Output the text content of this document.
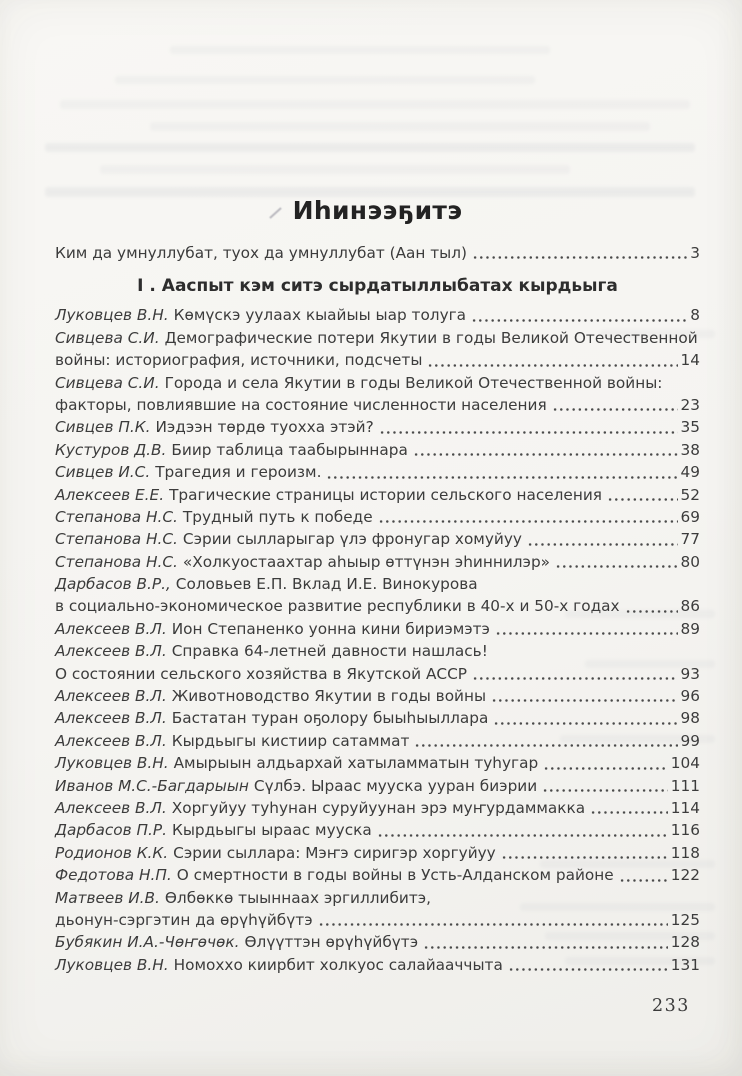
Иһинээҕитэ
Ким да умнуллубат, туох да умнуллубат (Аан тыл)	3
I . Ааспыт кэм ситэ сырдатыллыбатах кырдьыга
Луковцев В.Н. Көмүскэ уулаах кыайыы ыар толуга	8
Сивцева С.И. Демографические потери Якутии в годы Великой Отечественной
войны: историография, источники, подсчеты	14
Сивцева С.И. Города и села Якутии в годы Великой Отечественной войны:
факторы, повлиявшие на состояние численности населения	23
Сивцев П.К. Иэдээн төрдө туохха этэй?	35
Кустуров Д.В. Биир таблица таабырыннара	38
Сивцев И.С. Трагедия и героизм.	49
Алексеев Е.Е. Трагические страницы истории сельского населения	52
Степанова Н.С. Трудный путь к победе	69
Степанова Н.С. Сэрии сылларыгар үлэ фронугар хомуйуу	77
Степанова Н.С. «Холкуостаахтар аһыыр өттүнэн эһиннилэр»	80
Дарбасов В.Р., Соловьев Е.П. Вклад И.Е. Винокурова
в социально-экономическое развитие республики в 40-х и 50-х годах	86
Алексеев В.Л. Ион Степаненко уонна кини бириэмэтэ	89
Алексеев В.Л. Справка 64-летней давности нашлась!
О состоянии сельского хозяйства в Якутской АССР	93
Алексеев В.Л. Животноводство Якутии в годы войны	96
Алексеев В.Л. Бастатан туран оҕолору быыһыыллара	98
Алексеев В.Л. Кырдьыгы кистиир сатаммат	99
Луковцев В.Н. Амырыын алдьархай хатыламматын туһугар	104
Иванов М.С.-Багдарыын Сүлбэ. Ыраас мууска ууран биэрии	111
Алексеев В.Л. Хоргуйуу туһунан суруйуунан эрэ муҥурдаммакка	114
Дарбасов П.Р. Кырдьыгы ыраас мууска	116
Родионов К.К. Сэрии сыллара: Мэҥэ сиригэр хоргуйуу	118
Федотова Н.П. О смертности в годы войны в Усть-Алданском районе	122
Матвеев И.В. Өлбөккө тыыннаах эргиллибитэ,
дьонун-сэргэтин да өрүһүйбүтэ	125
Бубякин И.А.-Чөҥөчөк. Өлүүттэн өрүһүйбүтэ	128
Луковцев В.Н. Номоххо киирбит холкуос салайааччыта	131
233
